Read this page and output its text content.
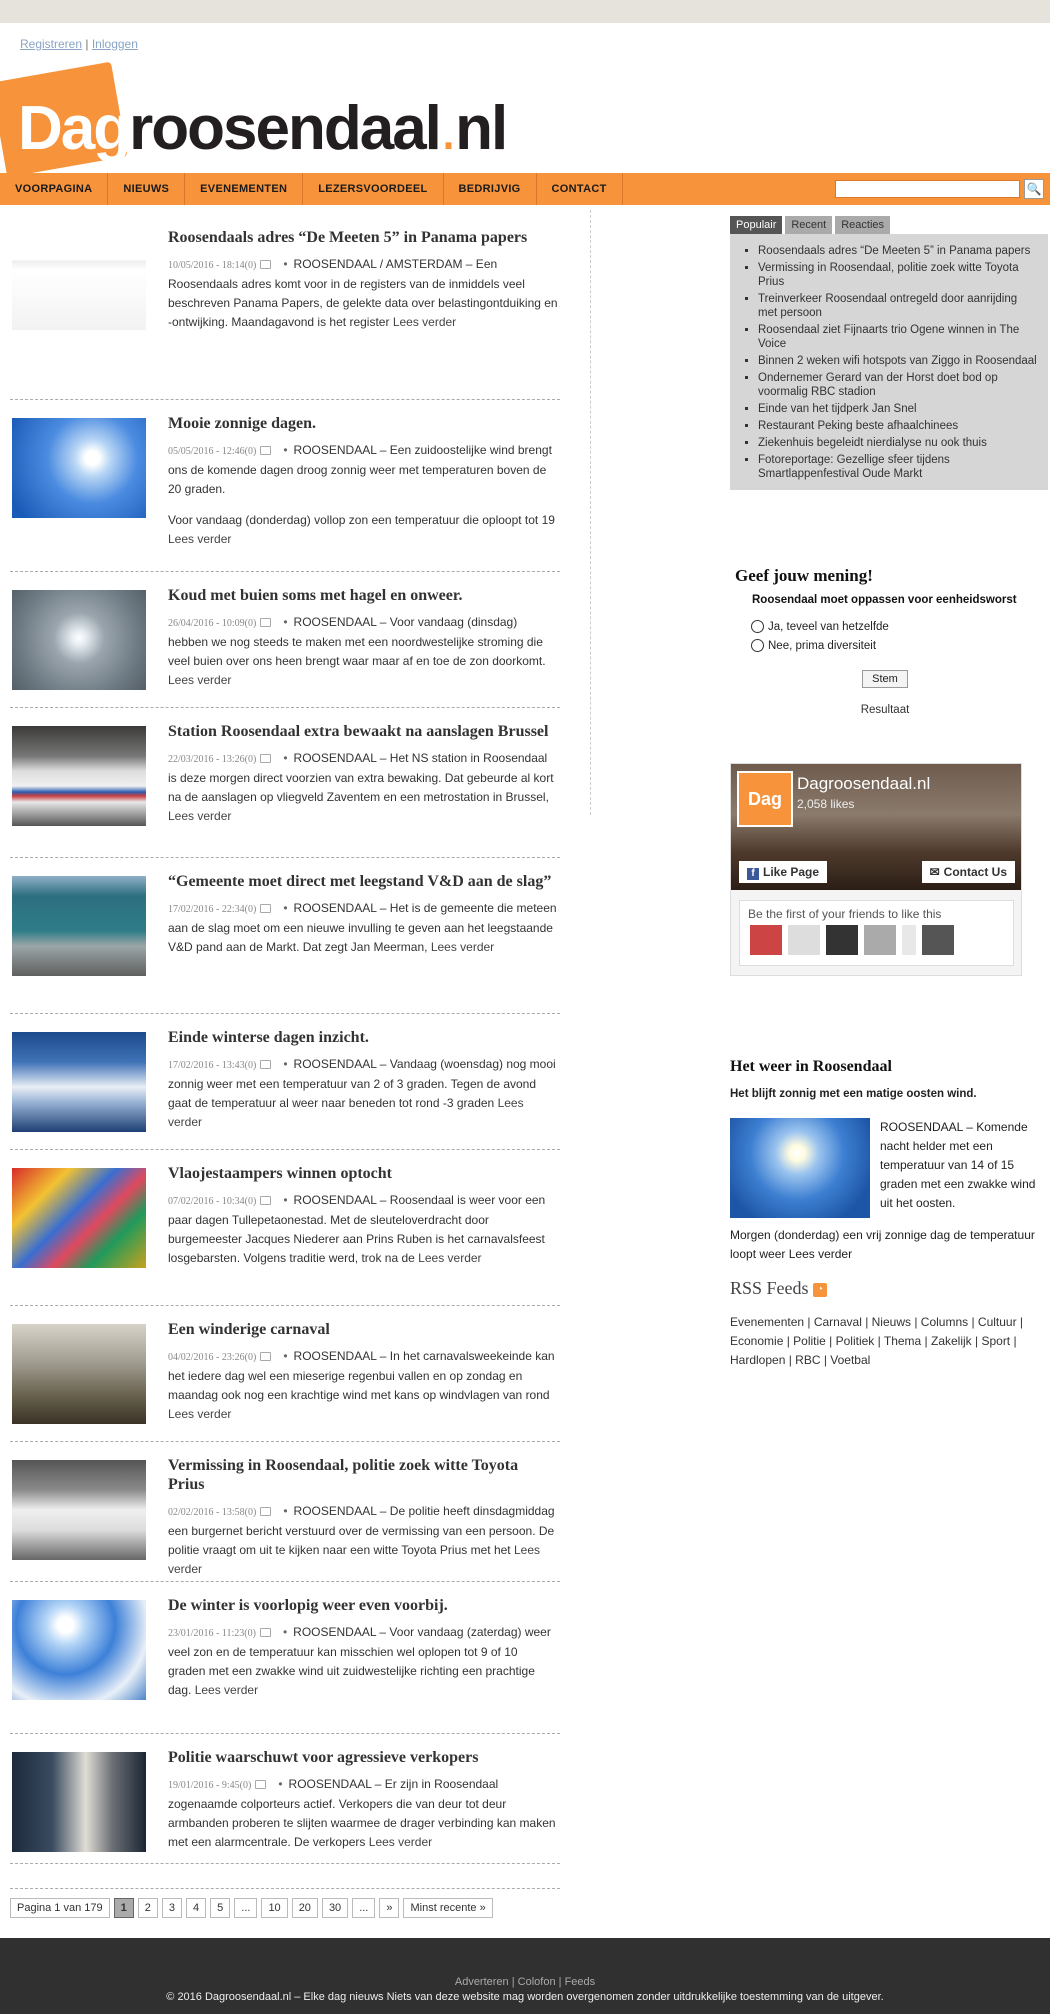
Registreren | Inloggen
Dagroosendaal.nl
VOORPAGINA	NIEUWS	EVENEMENTEN	LEZERSVOORDEEL	BEDRIJVIG	CONTACT	🔍
Roosendaals adres “De Meeten 5” in Panama papers
10/05/2016 - 18:14(0) • ROOSENDAAL / AMSTERDAM – Een Roosendaals adres komt voor in de registers van de inmiddels veel beschreven Panama Papers, de gelekte data over belastingontduiking en -ontwijking. Maandagavond is het register Lees verder
Mooie zonnige dagen.
05/05/2016 - 12:46(0) • ROOSENDAAL – Een zuidoostelijke wind brengt ons de komende dagen droog zonnig weer met temperaturen boven de 20 graden.
Voor vandaag (donderdag) vollop zon een temperatuur die oploopt tot 19
Lees verder
Koud met buien soms met hagel en onweer.
26/04/2016 - 10:09(0) • ROOSENDAAL – Voor vandaag (dinsdag) hebben we nog steeds te maken met een noordwestelijke stroming die veel buien over ons heen brengt waar maar af en toe de zon doorkomt. Lees verder
Station Roosendaal extra bewaakt na aanslagen Brussel
22/03/2016 - 13:26(0) • ROOSENDAAL – Het NS station in Roosendaal is deze morgen direct voorzien van extra bewaking. Dat gebeurde al kort na de aanslagen op vliegveld Zaventem en een metrostation in Brussel, Lees verder
“Gemeente moet direct met leegstand V&D aan de slag”
17/02/2016 - 22:34(0) • ROOSENDAAL – Het is de gemeente die meteen aan de slag moet om een nieuwe invulling te geven aan het leegstaande V&D pand aan de Markt. Dat zegt Jan Meerman, Lees verder
Einde winterse dagen inzicht.
17/02/2016 - 13:43(0) • ROOSENDAAL – Vandaag (woensdag) nog mooi zonnig weer met een temperatuur van 2 of 3 graden. Tegen de avond gaat de temperatuur al weer naar beneden tot rond -3 graden Lees verder
Vlaojestaampers winnen optocht
07/02/2016 - 10:34(0) • ROOSENDAAL – Roosendaal is weer voor een paar dagen Tullepetaonestad. Met de sleuteloverdracht door burgemeester Jacques Niederer aan Prins Ruben is het carnavalsfeest losgebarsten. Volgens traditie werd, trok na de Lees verder
Een winderige carnaval
04/02/2016 - 23:26(0) • ROOSENDAAL – In het carnavalsweekeinde kan het iedere dag wel een mieserige regenbui vallen en op zondag en maandag ook nog een krachtige wind met kans op windvlagen van rond Lees verder
Vermissing in Roosendaal, politie zoek witte Toyota Prius
02/02/2016 - 13:58(0) • ROOSENDAAL – De politie heeft dinsdagmiddag een burgernet bericht verstuurd over de vermissing van een persoon. De politie vraagt om uit te kijken naar een witte Toyota Prius met het Lees verder
De winter is voorlopig weer even voorbij.
23/01/2016 - 11:23(0) • ROOSENDAAL – Voor vandaag (zaterdag) weer veel zon en de temperatuur kan misschien wel oplopen tot 9 of 10 graden met een zwakke wind uit zuidwestelijke richting een prachtige dag. Lees verder
Politie waarschuwt voor agressieve verkopers
19/01/2016 - 9:45(0) • ROOSENDAAL – Er zijn in Roosendaal zogenaamde colporteurs actief. Verkopers die van deur tot deur armbanden proberen te slijten waarmee de drager verbinding kan maken met een alarmcentrale. De verkopers Lees verder
Pagina 1 van 179	1	2	3	4	5	...	10	20	30	...	»	Minst recente »
Populair	Recent	Reacties
▪ Roosendaals adres “De Meeten 5” in Panama papers
▪ Vermissing in Roosendaal, politie zoek witte Toyota Prius
▪ Treinverkeer Roosendaal ontregeld door aanrijding met persoon
▪ Roosendaal ziet Fijnaarts trio Ogene winnen in The Voice
▪ Binnen 2 weken wifi hotspots van Ziggo in Roosendaal
▪ Ondernemer Gerard van der Horst doet bod op voormalig RBC stadion
▪ Einde van het tijdperk Jan Snel
▪ Restaurant Peking beste afhaalchinees
▪ Ziekenhuis begeleidt nierdialyse nu ook thuis
▪ Fotoreportage: Gezellige sfeer tijdens Smartlappenfestival Oude Markt
Geef jouw mening!
Roosendaal moet oppassen voor eenheidsworst
Ja, teveel van hetzelfde
Nee, prima diversiteit
Stem
Resultaat
Dag
Dagroosendaal.nl
2,058 likes
f Like Page	✉ Contact Us
Be the first of your friends to like this
Het weer in Roosendaal
Het blijft zonnig met een matige oosten wind.
ROOSENDAAL – Komende nacht helder met een temperatuur van 14 of 15 graden met een zwakke wind uit het oosten.
Morgen (donderdag) een vrij zonnige dag de temperatuur loopt weer Lees verder
RSS Feeds ◔
Evenementen | Carnaval | Nieuws | Columns | Cultuur | Economie | Politie | Politiek | Thema | Zakelijk | Sport | Hardlopen | RBC | Voetbal
Adverteren | Colofon | Feeds
© 2016 Dagroosendaal.nl – Elke dag nieuws Niets van deze website mag worden overgenomen zonder uitdrukkelijke toestemming van de uitgever.
